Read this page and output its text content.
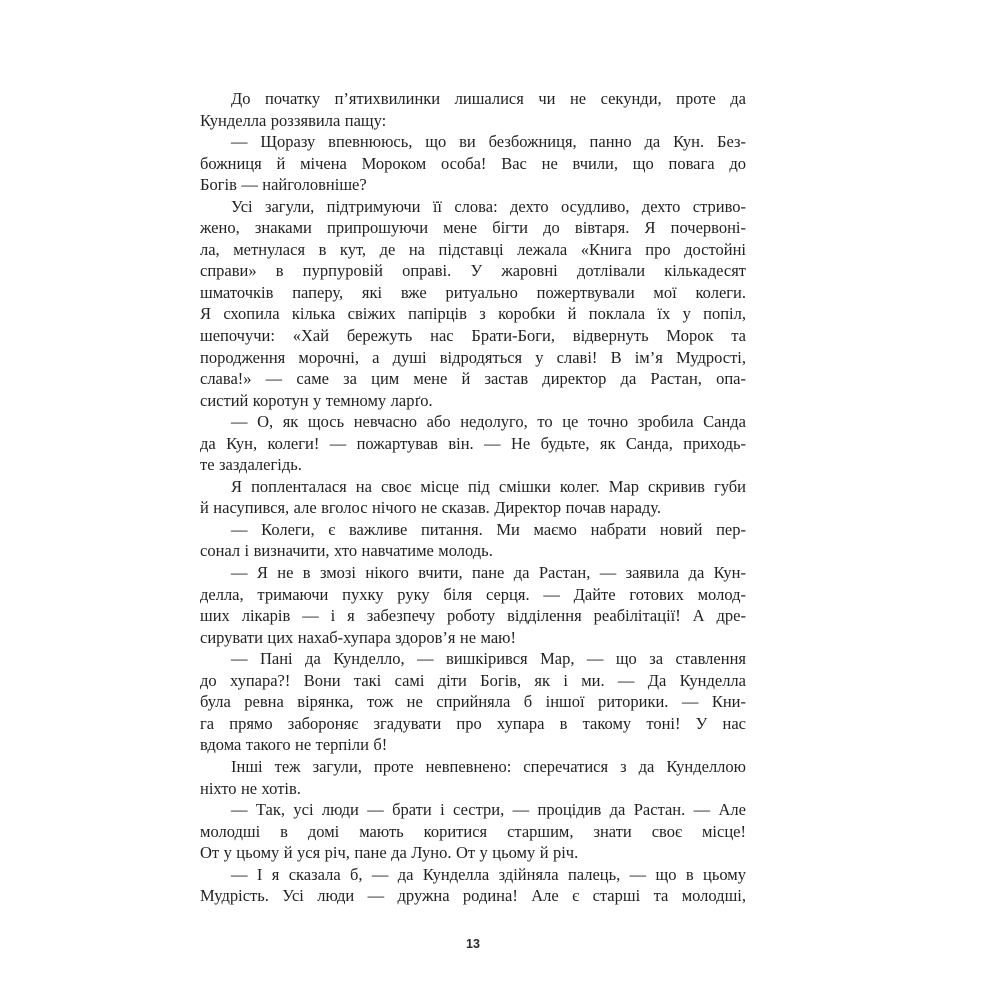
До початку п’ятихвилинки лишалися чи не секунди, проте да
Кунделла роззявила пащу:
— Щоразу впевнююсь, що ви безбожниця, панно да Кун. Без-
божниця й мічена Мороком особа! Вас не вчили, що повага до
Богів — найголовніше?
Усі загули, підтримуючи її слова: дехто осудливо, дехто стриво-
жено, знаками припрошуючи мене бігти до вівтаря. Я почервоні-
ла, метнулася в кут, де на підставці лежала «Книга про достойні
справи» в пурпуровій оправі. У жаровні дотлівали кількадесят
шматочків паперу, які вже ритуально пожертвували мої колеги.
Я схопила кілька свіжих папірців з коробки й поклала їх у попіл,
шепочучи: «Хай бережуть нас Брати-Боги, відвернуть Морок та
породження морочні, а душі відродяться у славі! В ім’я Мудрості,
слава!» — саме за цим мене й застав директор да Растан, опа-
систий коротун у темному ларґо.
— О, як щось невчасно або недолуго, то це точно зробила Санда
да Кун, колеги! — пожартував він. — Не будьте, як Санда, приходь-
те заздалегідь.
Я попленталася на своє місце під смішки колег. Мар скривив губи
й насупився, але вголос нічого не сказав. Директор почав нараду.
— Колеги, є важливе питання. Ми маємо набрати новий пер-
сонал і визначити, хто навчатиме молодь.
— Я не в змозі нікого вчити, пане да Растан, — заявила да Кун-
делла, тримаючи пухку руку біля серця. — Дайте готових молод-
ших лікарів — і я забезпечу роботу відділення реабілітації! А дре-
сирувати цих нахаб-хупара здоров’я не маю!
— Пані да Кунделло, — вишкірився Мар, — що за ставлення
до хупара?! Вони такі самі діти Богів, як і ми. — Да Кунделла
була ревна вірянка, тож не сприйняла б іншої риторики. — Кни-
га прямо забороняє згадувати про хупара в такому тоні! У нас
вдома такого не терпіли б!
Інші теж загули, проте невпевнено: сперечатися з да Кунделлою
ніхто не хотів.
— Так, усі люди — брати і сестри, — процідив да Растан. — Але
молодші в домі мають коритися старшим, знати своє місце!
От у цьому й уся річ, пане да Луно. От у цьому й річ.
— І я сказала б, — да Кунделла здійняла палець, — що в цьому
Мудрість. Усі люди — дружна родина! Але є старші та молодші,
13
